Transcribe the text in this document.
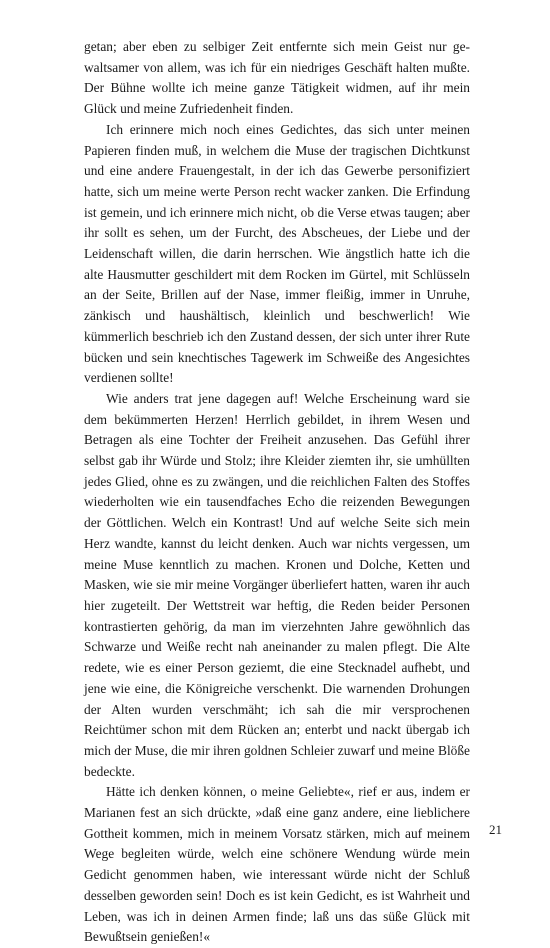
getan; aber eben zu selbiger Zeit entfernte sich mein Geist nur gewaltsamer von allem, was ich für ein niedriges Geschäft halten mußte. Der Bühne wollte ich meine ganze Tätigkeit widmen, auf ihr mein Glück und meine Zufriedenheit finden.

Ich erinnere mich noch eines Gedichtes, das sich unter meinen Papieren finden muß, in welchem die Muse der tragischen Dichtkunst und eine andere Frauengestalt, in der ich das Gewerbe personifiziert hatte, sich um meine werte Person recht wacker zanken. Die Erfindung ist gemein, und ich erinnere mich nicht, ob die Verse etwas taugen; aber ihr sollt es sehen, um der Furcht, des Abscheues, der Liebe und der Leidenschaft willen, die darin herrschen. Wie ängstlich hatte ich die alte Hausmutter geschildert mit dem Rocken im Gürtel, mit Schlüsseln an der Seite, Brillen auf der Nase, immer fleißig, immer in Unruhe, zänkisch und haushältisch, kleinlich und beschwerlich! Wie kümmerlich beschrieb ich den Zustand dessen, der sich unter ihrer Rute bücken und sein knechtisches Tagewerk im Schweiße des Angesichtes verdienen sollte!

Wie anders trat jene dagegen auf! Welche Erscheinung ward sie dem bekümmerten Herzen! Herrlich gebildet, in ihrem Wesen und Betragen als eine Tochter der Freiheit anzusehen. Das Gefühl ihrer selbst gab ihr Würde und Stolz; ihre Kleider ziemten ihr, sie umhüllten jedes Glied, ohne es zu zwängen, und die reichlichen Falten des Stoffes wiederholten wie ein tausendfaches Echo die reizenden Bewegungen der Göttlichen. Welch ein Kontrast! Und auf welche Seite sich mein Herz wandte, kannst du leicht denken. Auch war nichts vergessen, um meine Muse kenntlich zu machen. Kronen und Dolche, Ketten und Masken, wie sie mir meine Vorgänger überliefert hatten, waren ihr auch hier zugeteilt. Der Wettstreit war heftig, die Reden beider Personen kontrastierten gehörig, da man im vierzehnten Jahre gewöhnlich das Schwarze und Weiße recht nah aneinander zu malen pflegt. Die Alte redete, wie es einer Person geziemt, die eine Stecknadel aufhebt, und jene wie eine, die Königreiche verschenkt. Die warnenden Drohungen der Alten wurden verschmäht; ich sah die mir versprochenen Reichtümer schon mit dem Rücken an; enterbt und nackt übergab ich mich der Muse, die mir ihren goldnen Schleier zuwarf und meine Blöße bedeckte.

Hätte ich denken können, o meine Geliebte«, rief er aus, indem er Marianen fest an sich drückte, »daß eine ganz andere, eine lieblichere Gottheit kommen, mich in meinem Vorsatz stärken, mich auf meinem Wege begleiten würde, welch eine schönere Wendung würde mein Gedicht genommen haben, wie interessant würde nicht der Schluß desselben geworden sein! Doch es ist kein Gedicht, es ist Wahrheit und Leben, was ich in deinen Armen finde; laß uns das süße Glück mit Bewußtsein genießen!«

21
